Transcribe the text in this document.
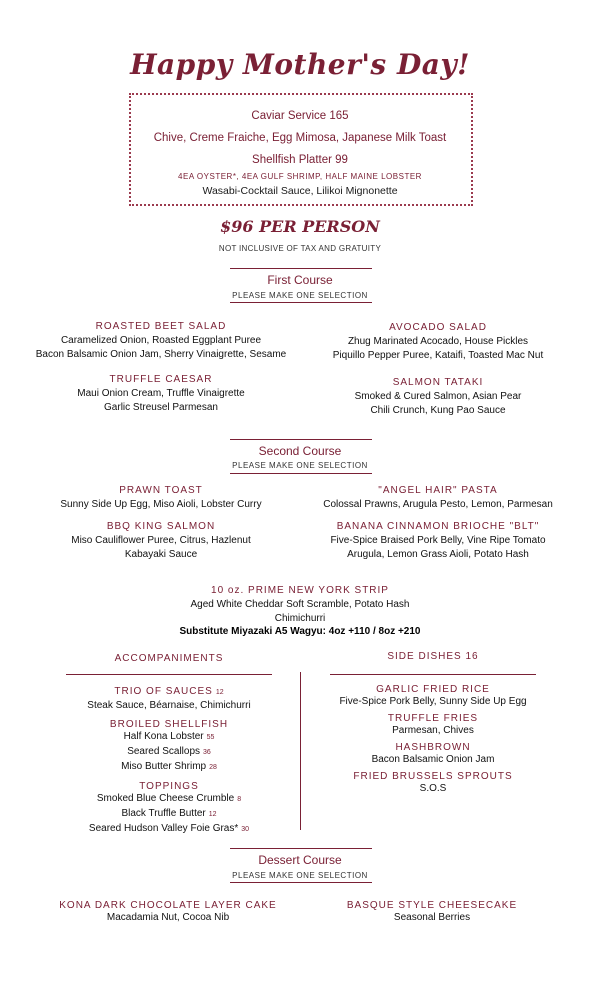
Happy Mother's Day!
Caviar Service 165
Chive, Creme Fraiche, Egg Mimosa, Japanese Milk Toast
Shellfish Platter 99
4EA OYSTER*, 4EA GULF SHRIMP, HALF MAINE LOBSTER
Wasabi-Cocktail Sauce, Lilikoi Mignonette
$96 PER PERSON
NOT INCLUSIVE OF TAX AND GRATUITY
First Course
PLEASE MAKE ONE SELECTION
ROASTED BEET SALAD
Caramelized Onion, Roasted Eggplant Puree
Bacon Balsamic Onion Jam, Sherry Vinaigrette, Sesame
TRUFFLE CAESAR
Maui Onion Cream, Truffle Vinaigrette
Garlic Streusel Parmesan
AVOCADO SALAD
Zhug Marinated Acocado, House Pickles
Piquillo Pepper Puree, Kataifi, Toasted Mac Nut
SALMON TATAKI
Smoked & Cured Salmon, Asian Pear
Chili Crunch, Kung Pao Sauce
Second Course
PLEASE MAKE ONE SELECTION
PRAWN TOAST
Sunny Side Up Egg, Miso Aioli, Lobster Curry
BBQ KING SALMON
Miso Cauliflower Puree, Citrus, Hazlenut
Kabayaki Sauce
"ANGEL HAIR" PASTA
Colossal Prawns, Arugula Pesto, Lemon, Parmesan
BANANA CINNAMON BRIOCHE "BLT"
Five-Spice Braised Pork Belly, Vine Ripe Tomato
Arugula, Lemon Grass Aioli, Potato Hash
10 oz. PRIME NEW YORK STRIP
Aged White Cheddar Soft Scramble, Potato Hash
Chimichurri
Substitute Miyazaki A5 Wagyu: 4oz +110 / 8oz +210
ACCOMPANIMENTS
TRIO OF SAUCES 12
Steak Sauce, Béarnaise, Chimichurri
BROILED SHELLFISH
Half Kona Lobster 55
Seared Scallops 36
Miso Butter Shrimp 28
TOPPINGS
Smoked Blue Cheese Crumble 8
Black Truffle Butter 12
Seared Hudson Valley Foie Gras* 30
SIDE DISHES 16
GARLIC FRIED RICE
Five-Spice Pork Belly, Sunny Side Up Egg
TRUFFLE FRIES
Parmesan, Chives
HASHBROWN
Bacon Balsamic Onion Jam
FRIED BRUSSELS SPROUTS
S.O.S
Dessert Course
PLEASE MAKE ONE SELECTION
KONA DARK CHOCOLATE LAYER CAKE
Macadamia Nut, Cocoa Nib
BASQUE STYLE CHEESECAKE
Seasonal Berries
